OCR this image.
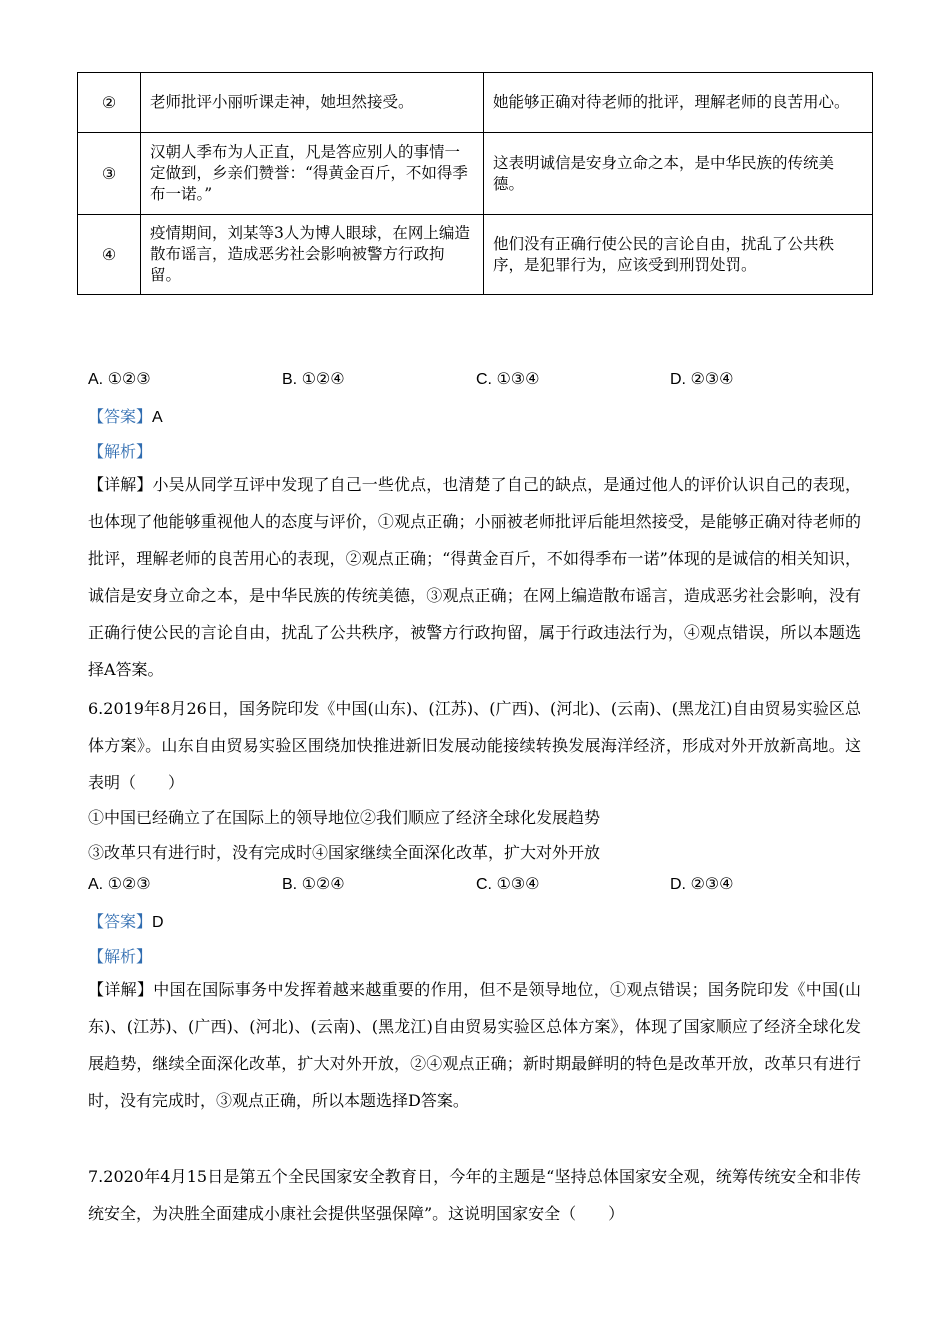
②	老师批评小丽听课走神，她坦然接受。	她能够正确对待老师的批评，理解老师的良苦用心。
③	汉朝人季布为人正直，凡是答应别人的事情一定做到，乡亲们赞誉：“得黄金百斤，不如得季布一诺。”	这表明诚信是安身立命之本，是中华民族的传统美德。
④	疫情期间，刘某等3人为博人眼球，在网上编造散布谣言，造成恶劣社会影响被警方行政拘留。	他们没有正确行使公民的言论自由，扰乱了公共秩序，是犯罪行为，应该受到刑罚处罚。
A. ①②③	B. ①②④	C. ①③④	D. ②③④
【答案】A
【解析】
【详解】小吴从同学互评中发现了自己一些优点，也清楚了自己的缺点，是通过他人的评价认识自己的表现，也体现了他能够重视他人的态度与评价，①观点正确；小丽被老师批评后能坦然接受，是能够正确对待老师的批评，理解老师的良苦用心的表现，②观点正确；“得黄金百斤，不如得季布一诺”体现的是诚信的相关知识，诚信是安身立命之本，是中华民族的传统美德，③观点正确；在网上编造散布谣言，造成恶劣社会影响，没有正确行使公民的言论自由，扰乱了公共秩序，被警方行政拘留，属于行政违法行为，④观点错误，所以本题选择A答案。
6.2019年8月26日，国务院印发《中国(山东)、(江苏)、(广西)、(河北)、(云南)、(黑龙江)自由贸易实验区总体方案》。山东自由贸易实验区围绕加快推进新旧发展动能接续转换发展海洋经济，形成对外开放新高地。这表明（　　）
①中国已经确立了在国际上的领导地位②我们顺应了经济全球化发展趋势
③改革只有进行时，没有完成时④国家继续全面深化改革，扩大对外开放
A. ①②③	B. ①②④	C. ①③④	D. ②③④
【答案】D
【解析】
【详解】中国在国际事务中发挥着越来越重要的作用，但不是领导地位，①观点错误；国务院印发《中国(山东)、(江苏)、(广西)、(河北)、(云南)、(黑龙江)自由贸易实验区总体方案》，体现了国家顺应了经济全球化发展趋势，继续全面深化改革，扩大对外开放，②④观点正确；新时期最鲜明的特色是改革开放，改革只有进行时，没有完成时，③观点正确，所以本题选择D答案。
7.2020年4月15日是第五个全民国家安全教育日，今年的主题是“坚持总体国家安全观，统筹传统安全和非传统安全，为决胜全面建成小康社会提供坚强保障”。这说明国家安全（　　）
